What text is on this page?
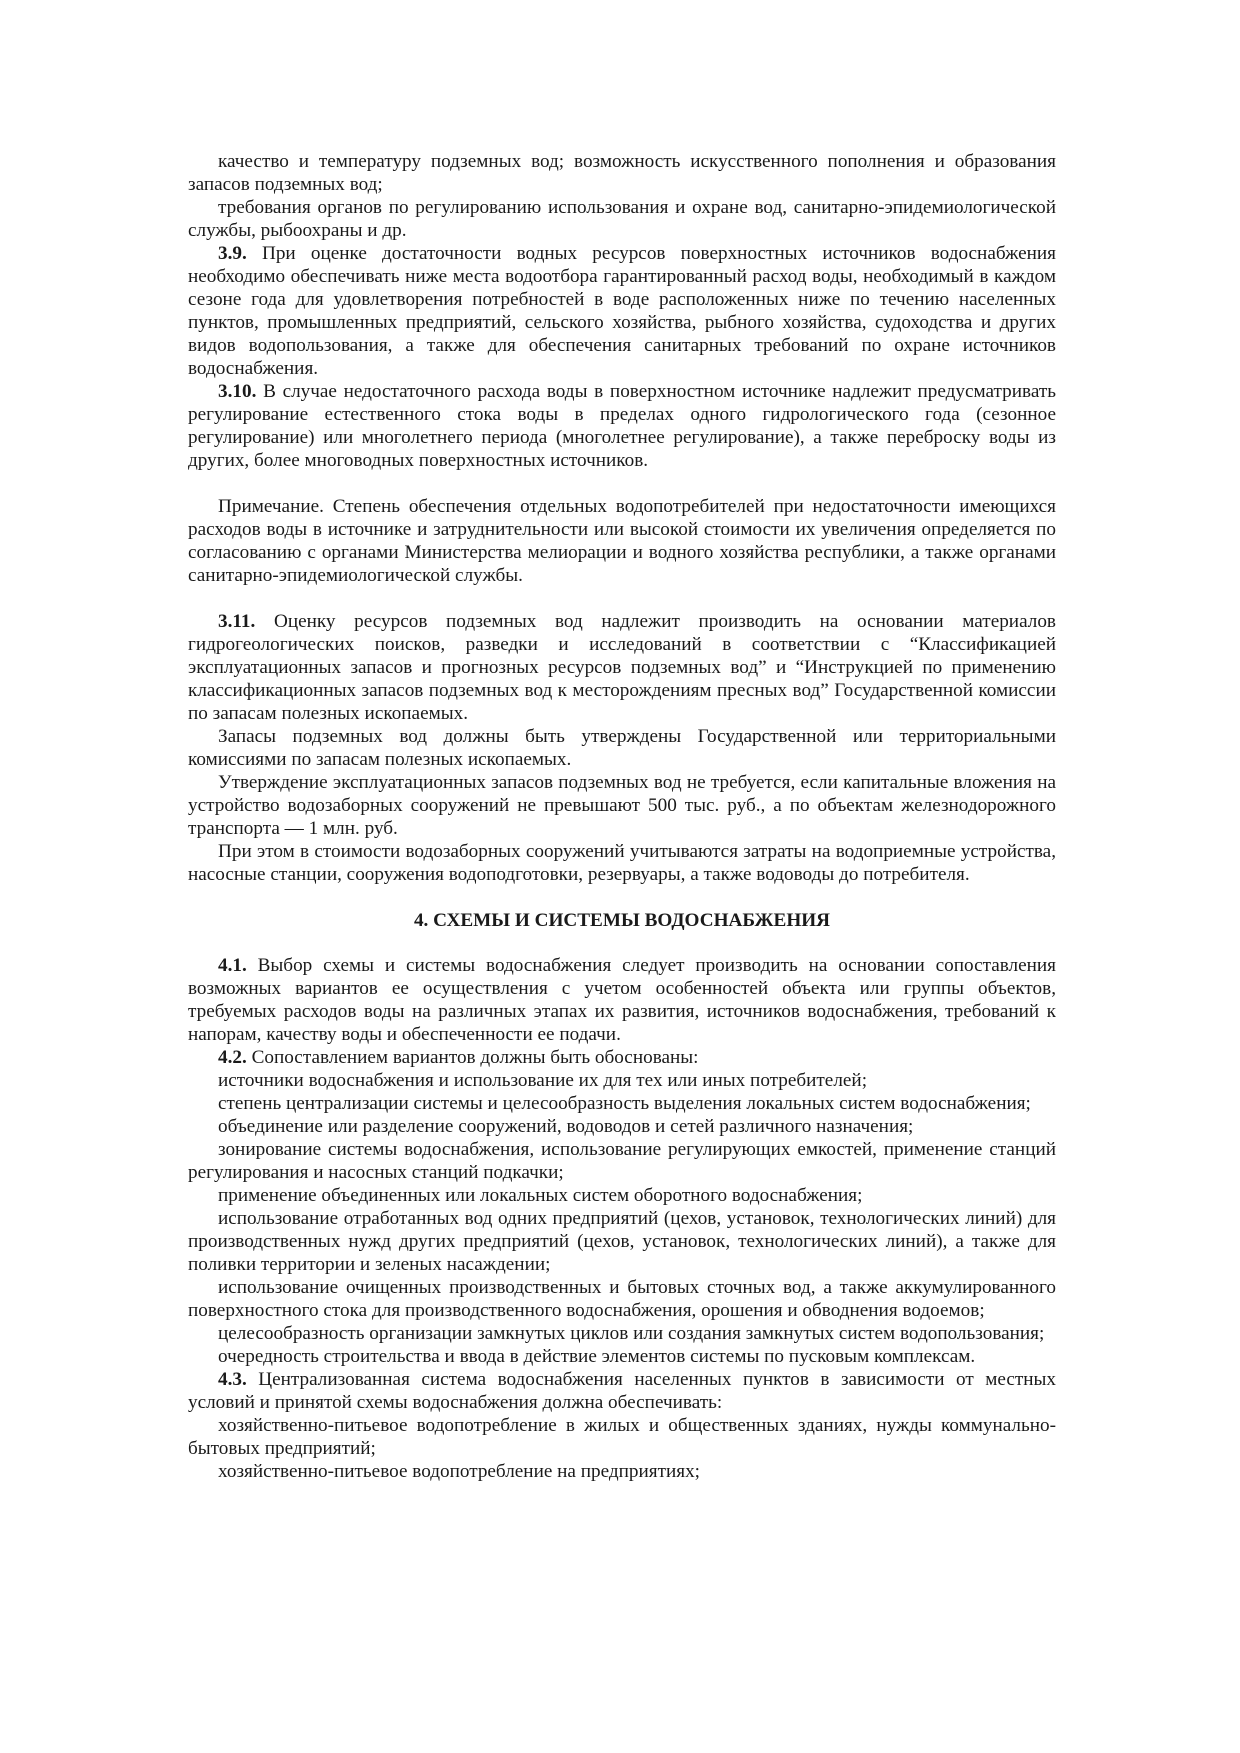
качество и температуру подземных вод; возможность искусственного пополнения и образования запасов подземных вод;

требования органов по регулированию использования и охране вод, санитарно-эпидемиологической службы, рыбоохраны и др.

3.9. При оценке достаточности водных ресурсов поверхностных источников водоснабжения необходимо обеспечивать ниже места водоотбора гарантированный расход воды, необходимый в каждом сезоне года для удовлетворения потребностей в воде расположенных ниже по течению населенных пунктов, промышленных предприятий, сельского хозяйства, рыбного хозяйства, судоходства и других видов водопользования, а также для обеспечения санитарных требований по охране источников водоснабжения.

3.10. В случае недостаточного расхода воды в поверхностном источнике надлежит предусматривать регулирование естественного стока воды в пределах одного гидрологического года (сезонное регулирование) или многолетнего периода (многолетнее регулирование), а также переброску воды из других, более многоводных поверхностных источников.

Примечание. Степень обеспечения отдельных водопотребителей при недостаточности имеющихся расходов воды в источнике и затруднительности или высокой стоимости их увеличения определяется по согласованию с органами Министерства мелиорации и водного хозяйства республики, а также органами санитарно-эпидемиологической службы.

3.11. Оценку ресурсов подземных вод надлежит производить на основании материалов гидрогеологических поисков, разведки и исследований в соответствии с “Классификацией эксплуатационных запасов и прогнозных ресурсов подземных вод” и “Инструкцией по применению классификационных запасов подземных вод к месторождениям пресных вод” Государственной комиссии по запасам полезных ископаемых.

Запасы подземных вод должны быть утверждены Государственной или территориальными комиссиями по запасам полезных ископаемых.

Утверждение эксплуатационных запасов подземных вод не требуется, если капитальные вложения на устройство водозаборных сооружений не превышают 500 тыс. руб., а по объектам железнодорожного транспорта — 1 млн. руб.

При этом в стоимости водозаборных сооружений учитываются затраты на водоприемные устройства, насосные станции, сооружения водоподготовки, резервуары, а также водоводы до потребителя.

4. СХЕМЫ И СИСТЕМЫ ВОДОСНАБЖЕНИЯ

4.1. Выбор схемы и системы водоснабжения следует производить на основании сопоставления возможных вариантов ее осуществления с учетом особенностей объекта или группы объектов, требуемых расходов воды на различных этапах их развития, источников водоснабжения, требований к напорам, качеству воды и обеспеченности ее подачи.

4.2. Сопоставлением вариантов должны быть обоснованы:

источники водоснабжения и использование их для тех или иных потребителей;

степень централизации системы и целесообразность выделения локальных систем водоснабжения;

объединение или разделение сооружений, водоводов и сетей различного назначения;

зонирование системы водоснабжения, использование регулирующих емкостей, применение станций регулирования и насосных станций подкачки;

применение объединенных или локальных систем оборотного водоснабжения;

использование отработанных вод одних предприятий (цехов, установок, технологических линий) для производственных нужд других предприятий (цехов, установок, технологических линий), а также для поливки территории и зеленых насаждении;

использование очищенных производственных и бытовых сточных вод, а также аккумулированного поверхностного стока для производственного водоснабжения, орошения и обводнения водоемов;

целесообразность организации замкнутых циклов или создания замкнутых систем водопользования;

очередность строительства и ввода в действие элементов системы по пусковым комплексам.

4.3. Централизованная система водоснабжения населенных пунктов в зависимости от местных условий и принятой схемы водоснабжения должна обеспечивать:

хозяйственно-питьевое водопотребление в жилых и общественных зданиях, нужды коммунально-бытовых предприятий;

хозяйственно-питьевое водопотребление на предприятиях;
